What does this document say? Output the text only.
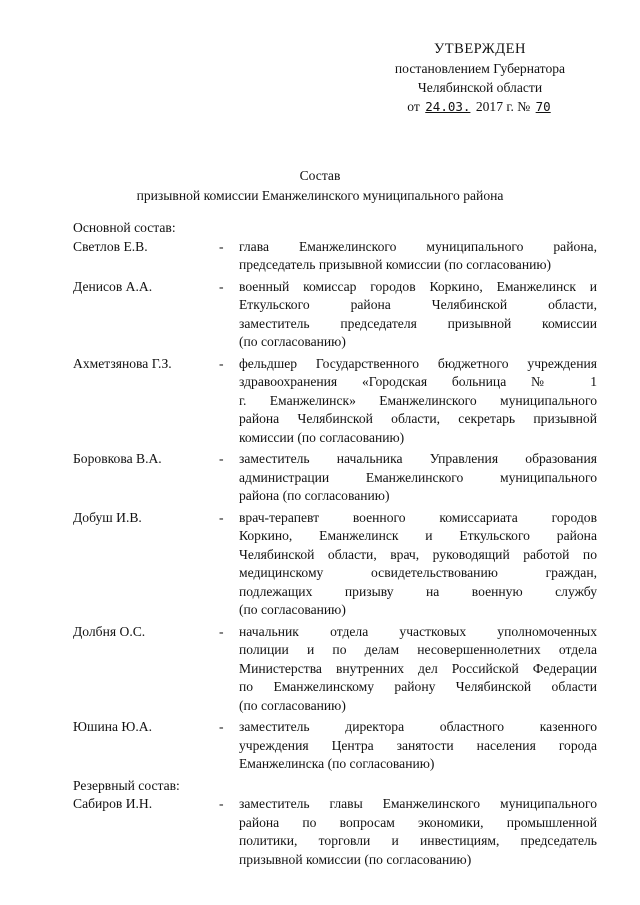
УТВЕРЖДЕН
постановлением Губернатора
Челябинской области
от 24.03. 2017 г. № 70
Состав
призывной комиссии Еманжелинского муниципального района
Основной состав:
Светлов Е.В.	-	глава Еманжелинского муниципального района,
председатель призывной комиссии (по согласованию)
Денисов А.А.	-	военный комиссар городов Коркино, Еманжелинск и
Еткульского района Челябинской области,
заместитель председателя призывной комиссии
(по согласованию)
Ахметзянова Г.З.	-	фельдшер Государственного бюджетного учреждения
здравоохранения «Городская больница № 1
г. Еманжелинск» Еманжелинского муниципального
района Челябинской области, секретарь призывной
комиссии (по согласованию)
Боровкова В.А.	-	заместитель начальника Управления образования
администрации Еманжелинского муниципального
района (по согласованию)
Добуш И.В.	-	врач-терапевт военного комиссариата городов
Коркино, Еманжелинск и Еткульского района
Челябинской области, врач, руководящий работой по
медицинскому освидетельствованию граждан,
подлежащих призыву на военную службу
(по согласованию)
Долбня О.С.	-	начальник отдела участковых уполномоченных
полиции и по делам несовершеннолетних отдела
Министерства внутренних дел Российской Федерации
по Еманжелинскому району Челябинской области
(по согласованию)
Юшина Ю.А.	-	заместитель директора областного казенного
учреждения Центра занятости населения города
Еманжелинска (по согласованию)
Резервный состав:
Сабиров И.Н.	-	заместитель главы Еманжелинского муниципального
района по вопросам экономики, промышленной
политики, торговли и инвестициям, председатель
призывной комиссии (по согласованию)
